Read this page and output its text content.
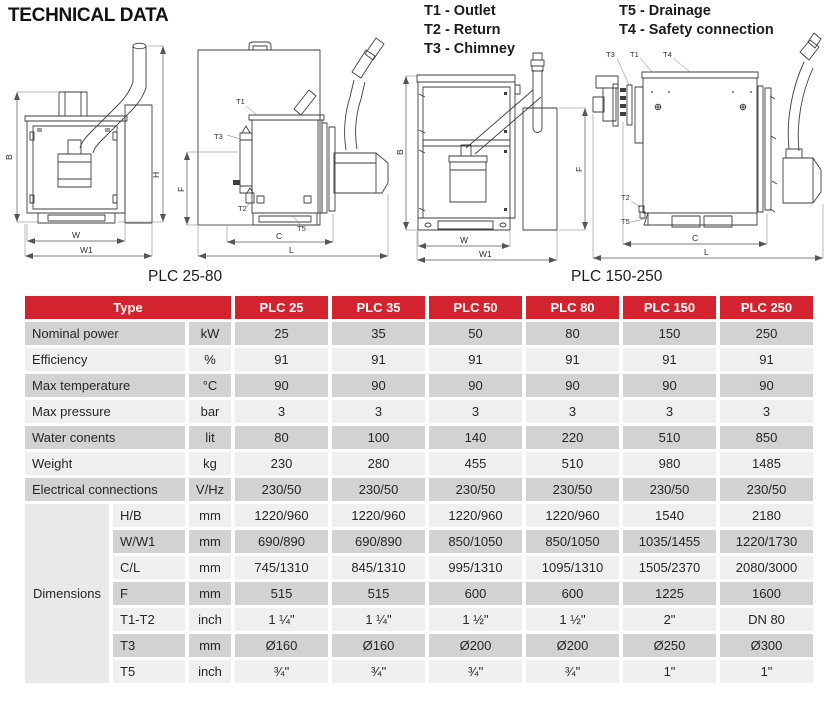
TECHNICAL DATA	T1 - Outlet
T2 - Return
T3 - Chimney
T5 - Drainage
T4 - Safety connection
B
H
W
W1
T1
T3
T2
T5
F
C
L
B
W
W1
F
T3 T1	T4
T2
T5
C
L
PLC 25-80	PLC 150-250
Type			PLC 25	PLC 35	PLC 50	PLC 80	PLC 150	PLC 250
Nominal power		kW	25	35	50	80	150	250
Efficiency		%	91	91	91	91	91	91
Max temperature		°C	90	90	90	90	90	90
Max pressure		bar	3	3	3	3	3	3
Water conents		lit	80	100	140	220	510	850
Weight		kg	230	280	455	510	980	1485
Electrical connections		V/Hz	230/50	230/50	230/50	230/50	230/50	230/50
Dimensions	H/B	mm	1220/960	1220/960	1220/960	1220/960	1540	2180
	W/W1	mm	690/890	690/890	850/1050	850/1050	1035/1455	1220/1730
	C/L	mm	745/1310	845/1310	995/1310	1095/1310	1505/2370	2080/3000
	F	mm	515	515	600	600	1225	1600
	T1-T2	inch	1 ¼"	1 ¼"	1 ½"	1 ½"	2"	DN 80
	T3	mm	Ø160	Ø160	Ø200	Ø200	Ø250	Ø300
	T5	inch	¾"	¾"	¾"	¾"	1"	1"
